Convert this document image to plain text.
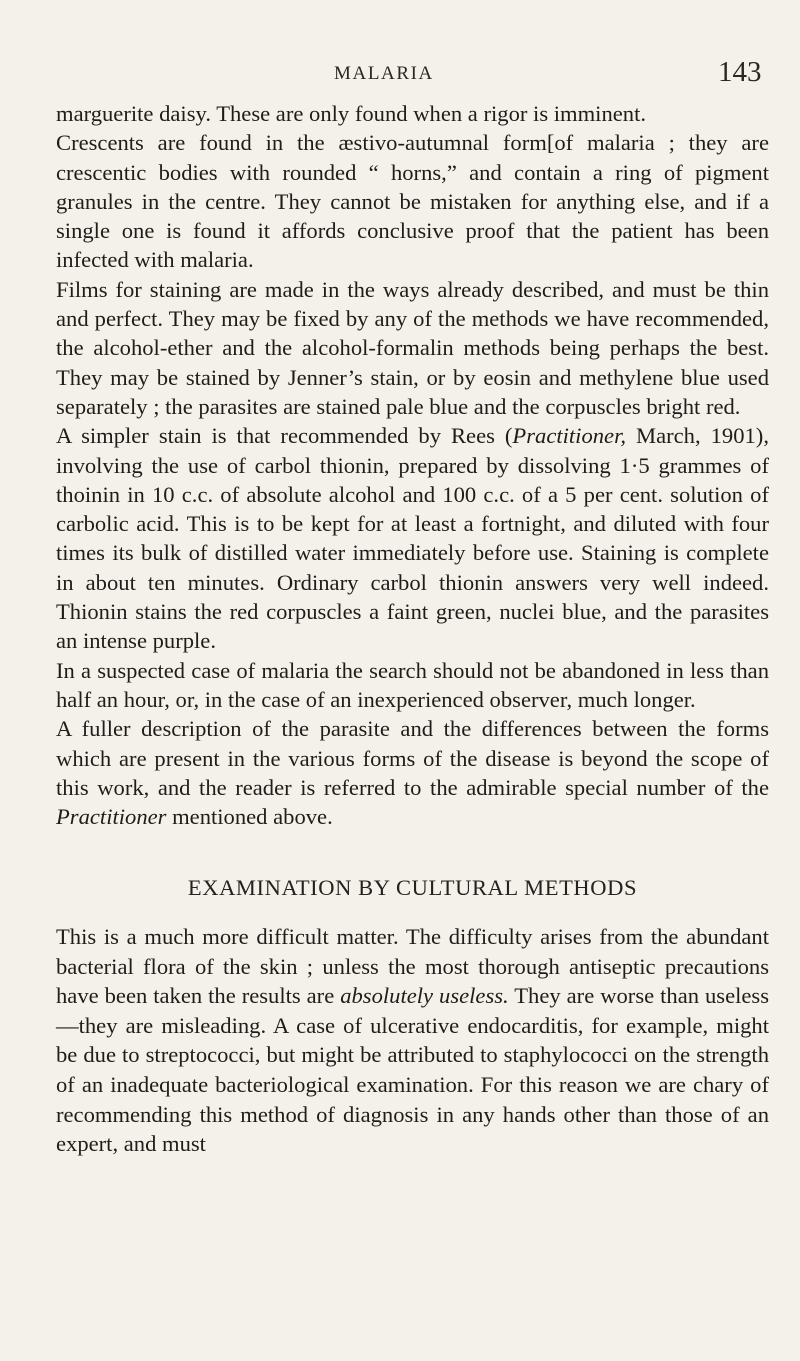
MALARIA	143

marguerite daisy. These are only found when a rigor is imminent.

Crescents are found in the æstivo-autumnal form[of malaria ; they are crescentic bodies with rounded “ horns,” and contain a ring of pigment granules in the centre. They cannot be mistaken for anything else, and if a single one is found it affords conclusive proof that the patient has been infected with malaria.

Films for staining are made in the ways already described, and must be thin and perfect. They may be fixed by any of the methods we have recommended, the alcohol-ether and the alcohol-formalin methods being perhaps the best. They may be stained by Jenner’s stain, or by eosin and methylene blue used separately ; the parasites are stained pale blue and the corpuscles bright red.

A simpler stain is that recommended by Rees (Practitioner, March, 1901), involving the use of carbol thionin, prepared by dissolving 1·5 grammes of thoinin in 10 c.c. of absolute alcohol and 100 c.c. of a 5 per cent. solution of carbolic acid. This is to be kept for at least a fortnight, and diluted with four times its bulk of distilled water immediately before use. Staining is complete in about ten minutes. Ordinary carbol thionin answers very well indeed. Thionin stains the red corpuscles a faint green, nuclei blue, and the parasites an intense purple.

In a suspected case of malaria the search should not be abandoned in less than half an hour, or, in the case of an inexperienced observer, much longer.

A fuller description of the parasite and the differences between the forms which are present in the various forms of the disease is beyond the scope of this work, and the reader is referred to the admirable special number of the Practitioner mentioned above.

EXAMINATION BY CULTURAL METHODS

This is a much more difficult matter. The difficulty arises from the abundant bacterial flora of the skin ; unless the most thorough antiseptic precautions have been taken the results are absolutely useless. They are worse than useless—they are misleading. A case of ulcerative endocarditis, for example, might be due to streptococci, but might be attributed to staphylococci on the strength of an inadequate bacteriological examination. For this reason we are chary of recommending this method of diagnosis in any hands other than those of an expert, and must
